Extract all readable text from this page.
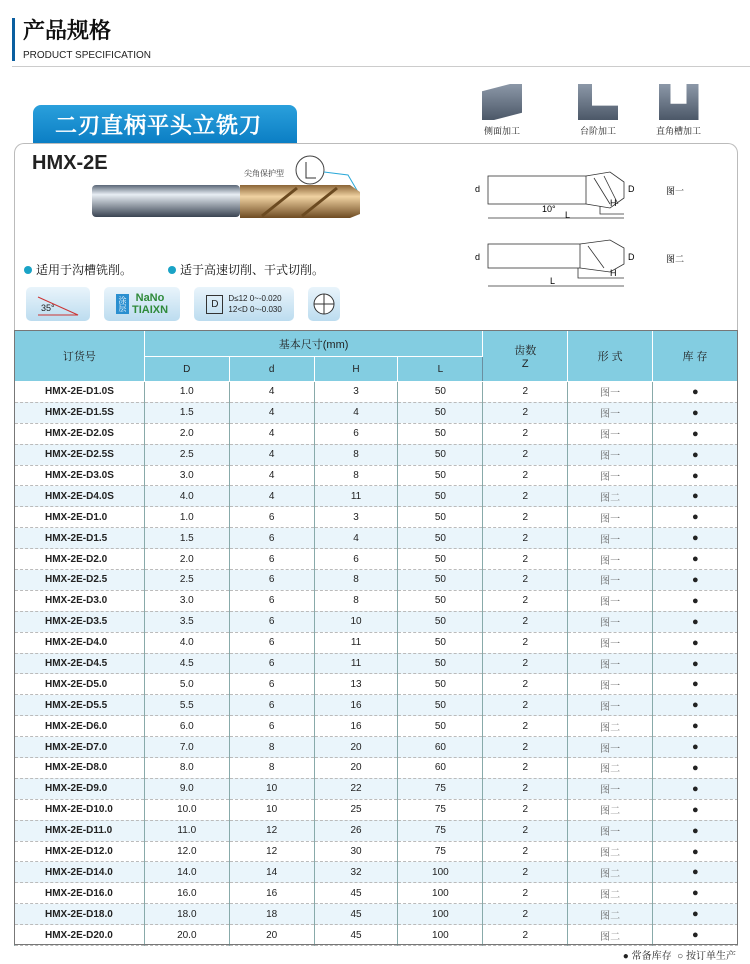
产品规格
PRODUCT SPECIFICATION
二刃直柄平头立铣刀	侧面加工	台阶加工	直角槽加工
HMX-2E	尖角保护型
适用于沟槽铣削。	适于高速切削、干式切削。
35°	涂层 NaNo
TIAIXN	D	D≤12 0~-0.020
12<D 0~-0.030
d	D
H
10°
L
d	D
H
L
图一
图二
订货号	基本尺寸(mm)				齿数
Z	形 式	库 存
	D	d	H	L			
HMX-2E-D1.0S	1.0	4	3	50	2	图一	●
HMX-2E-D1.5S	1.5	4	4	50	2	图一	●
HMX-2E-D2.0S	2.0	4	6	50	2	图一	●
HMX-2E-D2.5S	2.5	4	8	50	2	图一	●
HMX-2E-D3.0S	3.0	4	8	50	2	图一	●
HMX-2E-D4.0S	4.0	4	11	50	2	图二	●
HMX-2E-D1.0	1.0	6	3	50	2	图一	●
HMX-2E-D1.5	1.5	6	4	50	2	图一	●
HMX-2E-D2.0	2.0	6	6	50	2	图一	●
HMX-2E-D2.5	2.5	6	8	50	2	图一	●
HMX-2E-D3.0	3.0	6	8	50	2	图一	●
HMX-2E-D3.5	3.5	6	10	50	2	图一	●
HMX-2E-D4.0	4.0	6	11	50	2	图一	●
HMX-2E-D4.5	4.5	6	11	50	2	图一	●
HMX-2E-D5.0	5.0	6	13	50	2	图一	●
HMX-2E-D5.5	5.5	6	16	50	2	图一	●
HMX-2E-D6.0	6.0	6	16	50	2	图二	●
HMX-2E-D7.0	7.0	8	20	60	2	图一	●
HMX-2E-D8.0	8.0	8	20	60	2	图二	●
HMX-2E-D9.0	9.0	10	22	75	2	图一	●
HMX-2E-D10.0	10.0	10	25	75	2	图二	●
HMX-2E-D11.0	11.0	12	26	75	2	图一	●
HMX-2E-D12.0	12.0	12	30	75	2	图二	●
HMX-2E-D14.0	14.0	14	32	100	2	图二	●
HMX-2E-D16.0	16.0	16	45	100	2	图二	●
HMX-2E-D18.0	18.0	18	45	100	2	图二	●
HMX-2E-D20.0	20.0	20	45	100	2	图二	●
● 常备库存 ○ 按订单生产
